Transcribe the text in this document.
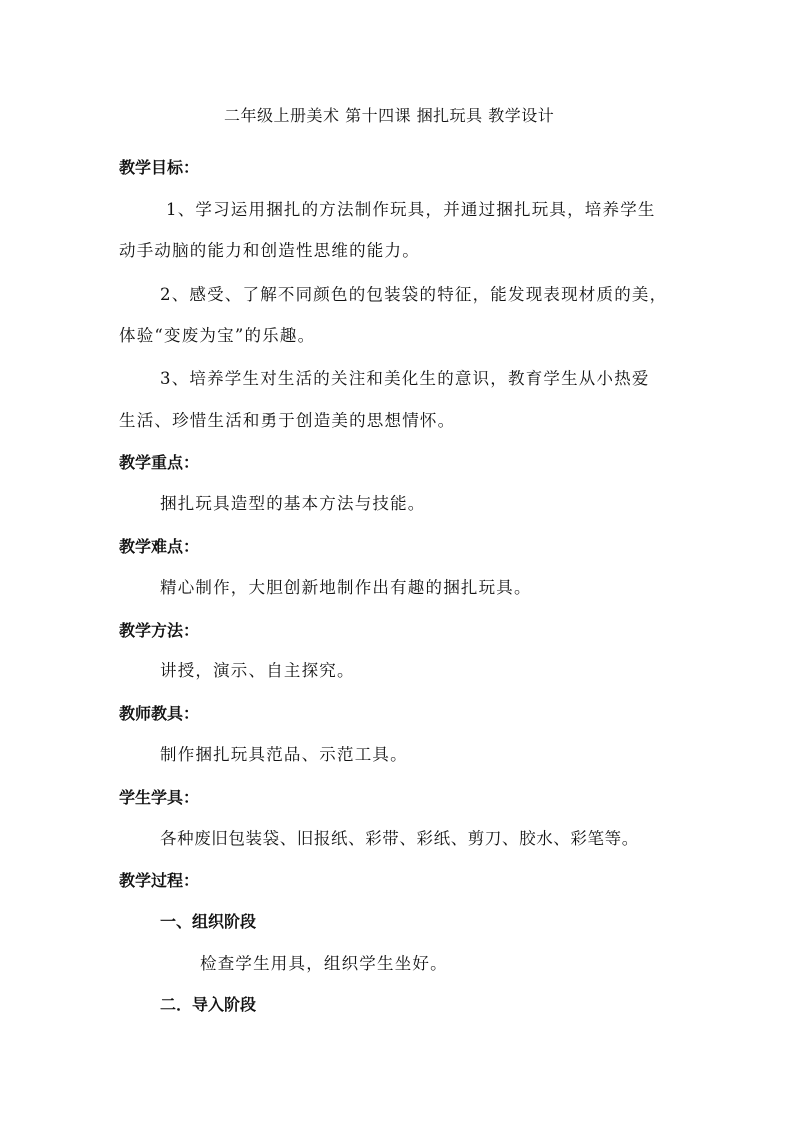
二年级上册美术 第十四课 捆扎玩具 教学设计
教学目标：
1、学习运用捆扎的方法制作玩具，并通过捆扎玩具，培养学生
动手动脑的能力和创造性思维的能力。
2、感受、了解不同颜色的包装袋的特征，能发现表现材质的美，
体验“变废为宝”的乐趣。
3、培养学生对生活的关注和美化生的意识，教育学生从小热爱
生活、珍惜生活和勇于创造美的思想情怀。
教学重点：
捆扎玩具造型的基本方法与技能。
教学难点：
精心制作，大胆创新地制作出有趣的捆扎玩具。
教学方法：
讲授，演示、自主探究。
教师教具：
制作捆扎玩具范品、示范工具。
学生学具：
各种废旧包装袋、旧报纸、彩带、彩纸、剪刀、胶水、彩笔等。
教学过程：
一、组织阶段
检查学生用具，组织学生坐好。
二．导入阶段
